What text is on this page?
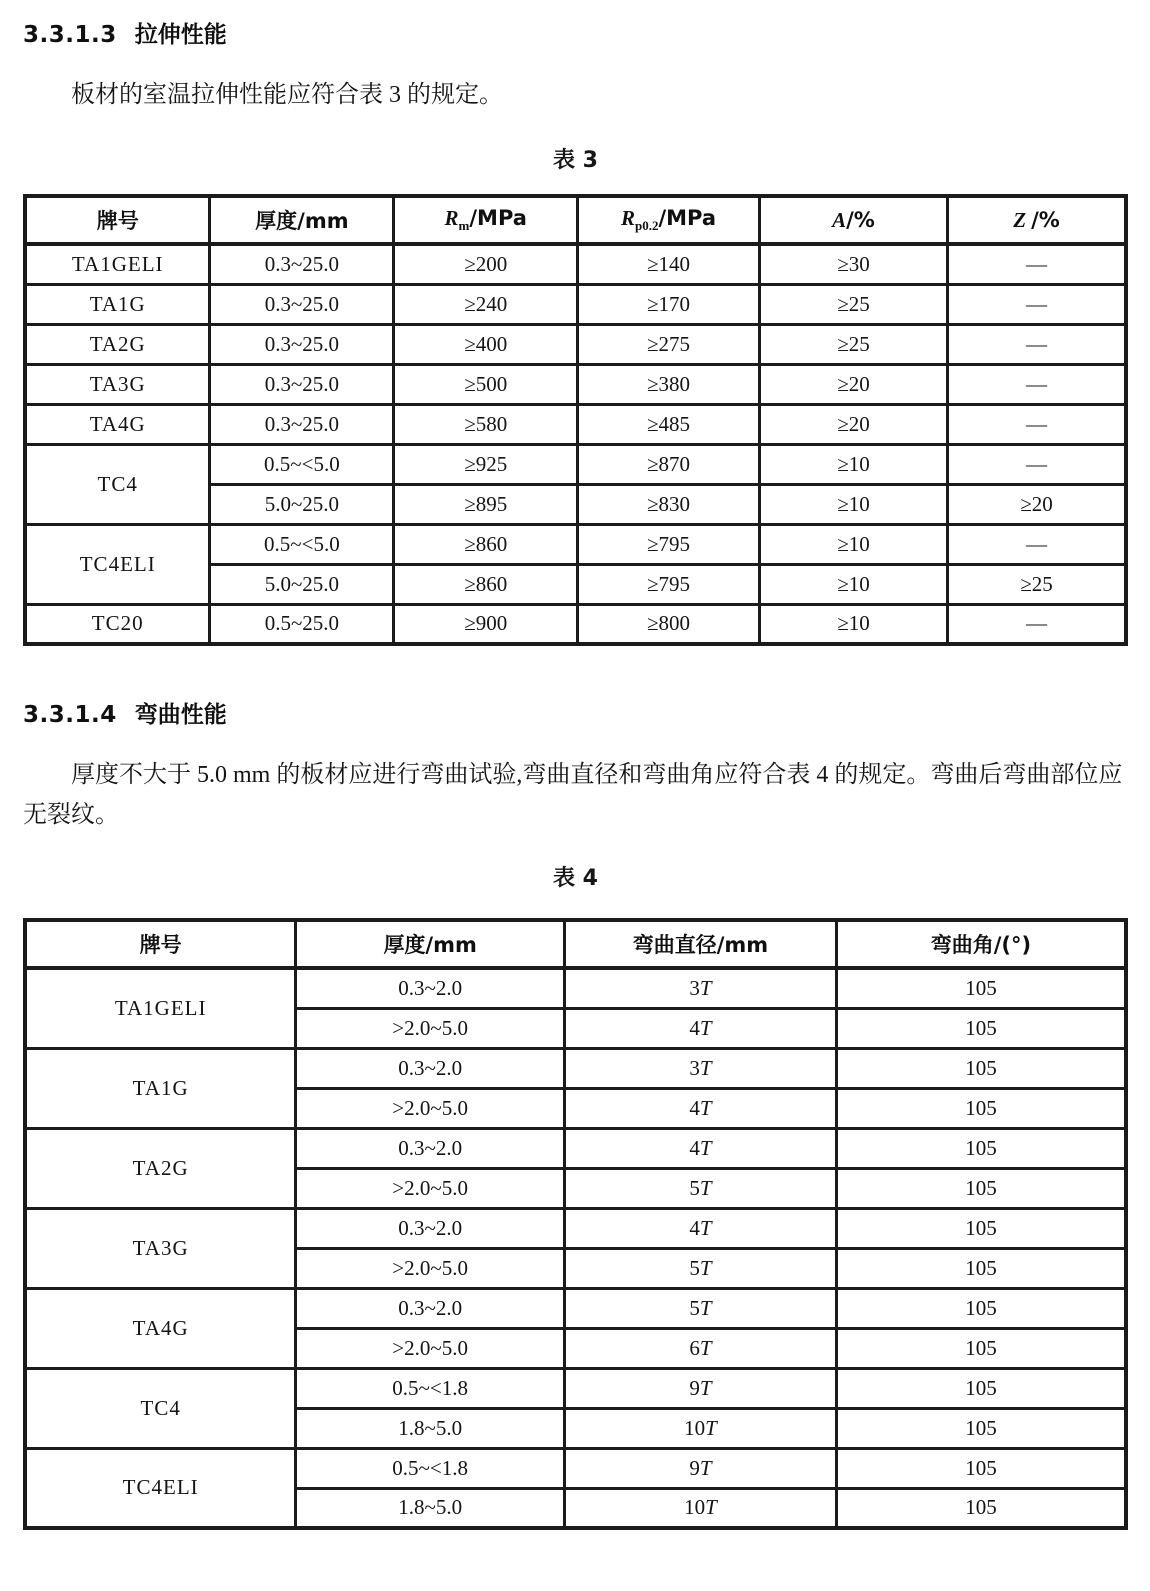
3.3.1.3 拉伸性能

板材的室温拉伸性能应符合表 3 的规定。

表 3
牌号	厚度/mm	$R_m$/MPa	$R_{p0.2}$/MPa	A/%	Z /%
TA1GELI	0.3~25.0	≥200	≥140	≥30	—
TA1G	0.3~25.0	≥240	≥170	≥25	—
TA2G	0.3~25.0	≥400	≥275	≥25	—
TA3G	0.3~25.0	≥500	≥380	≥20	—
TA4G	0.3~25.0	≥580	≥485	≥20	—
TC4	0.5~<5.0	≥925	≥870	≥10	—
	5.0~25.0	≥895	≥830	≥10	≥20
TC4ELI	0.5~<5.0	≥860	≥795	≥10	—
	5.0~25.0	≥860	≥795	≥10	≥25
TC20	0.5~25.0	≥900	≥800	≥10	—
3.3.1.4 弯曲性能

厚度不大于 5.0 mm 的板材应进行弯曲试验,弯曲直径和弯曲角应符合表 4 的规定。弯曲后弯曲部位应无裂纹。

表 4
牌号	厚度/mm	弯曲直径/mm	弯曲角/(°)
TA1GELI	0.3~2.0	3T	105
	>2.0~5.0	4T	105
TA1G	0.3~2.0	3T	105
	>2.0~5.0	4T	105
TA2G	0.3~2.0	4T	105
	>2.0~5.0	5T	105
TA3G	0.3~2.0	4T	105
	>2.0~5.0	5T	105
TA4G	0.3~2.0	5T	105
	>2.0~5.0	6T	105
TC4	0.5~<1.8	9T	105
	1.8~5.0	10T	105
TC4ELI	0.5~<1.8	9T	105
	1.8~5.0	10T	105
